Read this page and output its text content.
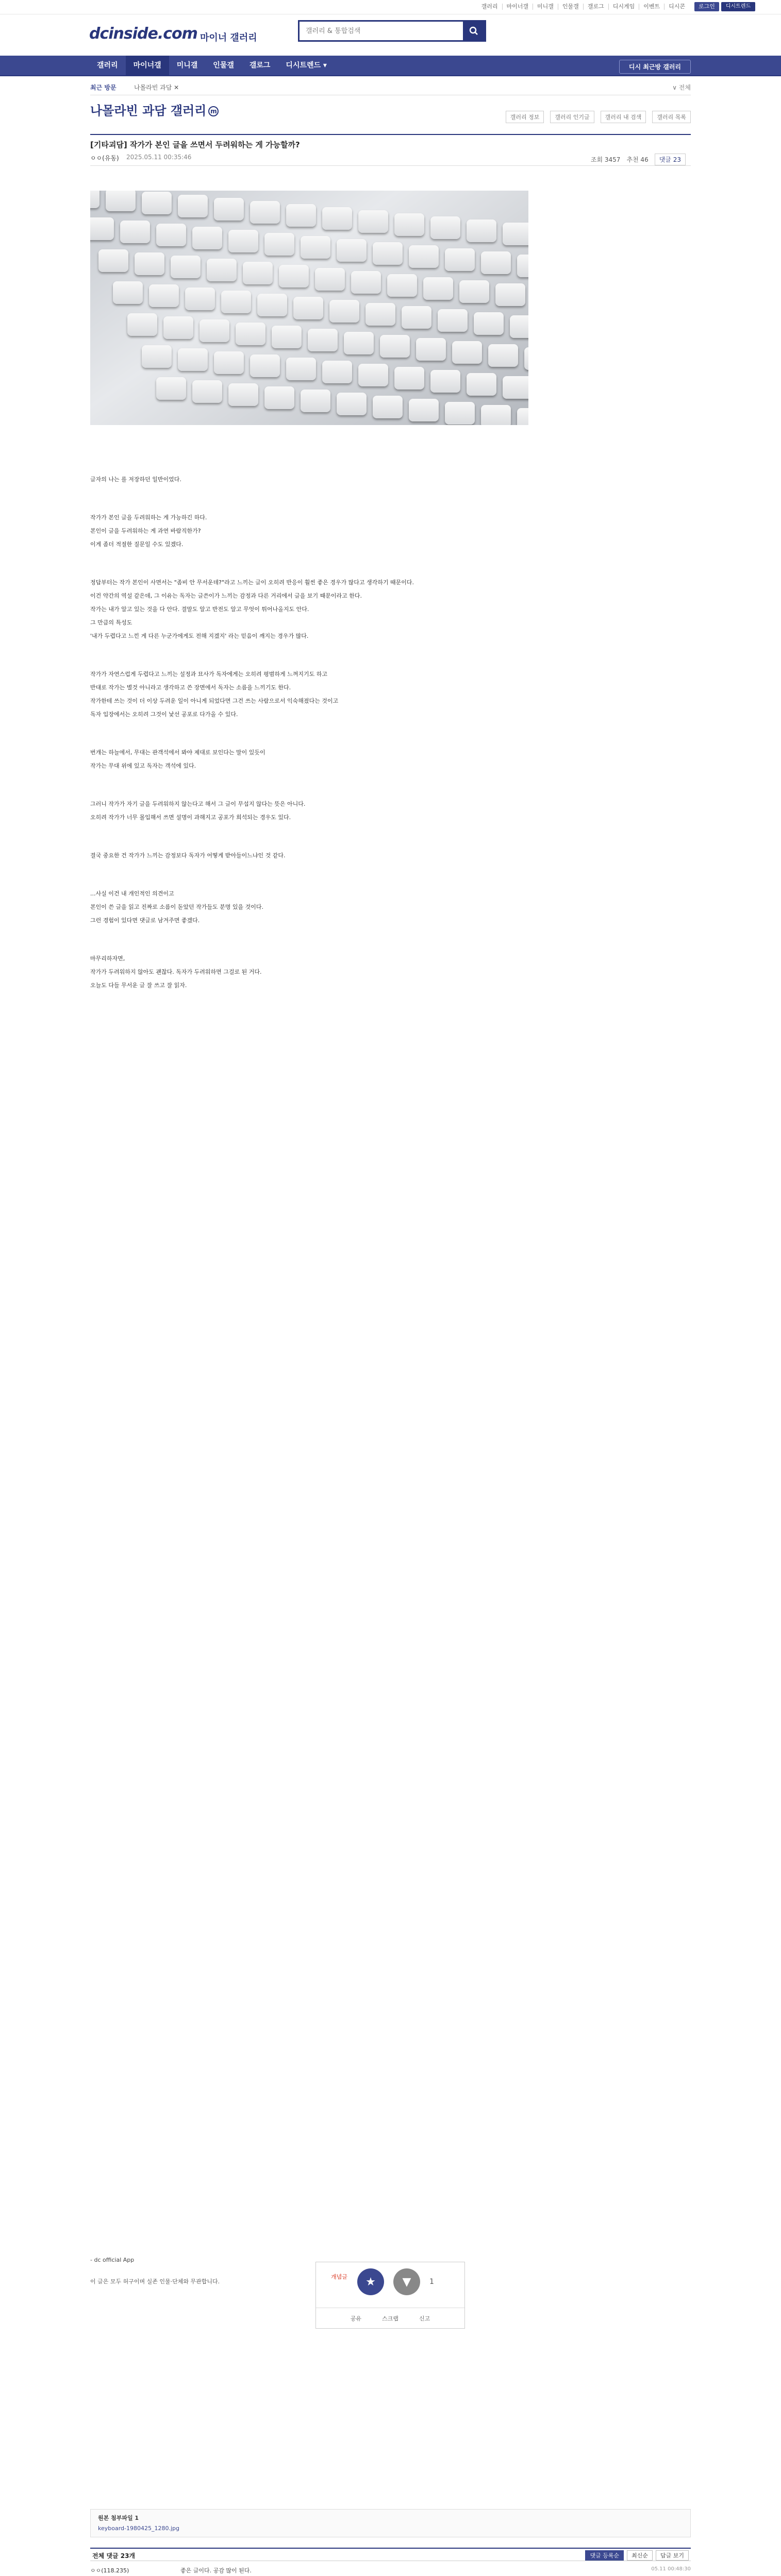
갤러리	마이너갤	미니갤	인물갤	갤로그	디시게임	이벤트	디시콘	로그인	디시트렌드
dcinside.com 마이너 갤러리
갤러리 & 통합검색
갤러리	마이너갤	미니갤	인물갤	갤로그	디시트렌드 ▾	디시 최근방 갤러리
최근 방문	나몰라빈 과담 ✕	∨ 전체
나몰라빈 과담 갤러리 m
갤러리 정보	갤러리 인기글	갤러리 내 검색	갤러리 목록
[기타괴담] 작가가 본인 글을 쓰면서 두려워하는 게 가능할까?
ㅇㅇ(유동) 2025.05.11 00:35:46	조회 3457 추천 46	댓글 23

글자의 나는 를 저장하던 일반이었다.

작가가 본인 글을 두려워하는 게 가능하긴 하다.

본인이 글을 두려워하는 게 과연 바람직한가?

이게 좀더 적절한 질문일 수도 있겠다.

정답부터는 작가 본인이 사면서는 "좀비 안 무서운데?"라고 느끼는 글이 오히려 반응이 훨씬 좋은 경우가 많다고 생각하기 때문이다.

이건 약간의 역설 같은데, 그 이유는 독자는 글쓴이가 느끼는 감정과 다른 거리에서 글을 보기 때문이라고 한다.

작가는 내가 알고 있는 것을 다 안다. 결말도 알고 반전도 알고 무엇이 튀어나올지도 안다.

그 만큼의 특성도

'내가 두렵다고 느낀 게 다른 누군가에게도 전해 지겠지' 라는 믿음이 깨지는 경우가 많다.

작가가 자연스럽게 두렵다고 느끼는 설정과 묘사가 독자에게는 오히려 평범하게 느껴지기도 하고

반대로 작가는 별것 아니라고 생각하고 쓴 장면에서 독자는 소름을 느끼기도 한다.

작가한테 쓰는 것이 더 이상 두려운 일이 아니게 되었다면 그건 쓰는 사람으로서 익숙해졌다는 것이고

독자 입장에서는 오히려 그것이 낯선 공포로 다가올 수 있다.

번개는 하늘에서, 무대는 관객석에서 봐야 제대로 보인다는 말이 있듯이

작가는 무대 위에 있고 독자는 객석에 있다.

그러니 작가가 자기 글을 두려워하지 않는다고 해서 그 글이 무섭지 않다는 뜻은 아니다.

오히려 작가가 너무 몰입해서 쓰면 설명이 과해지고 공포가 희석되는 경우도 있다.

결국 중요한 건 작가가 느끼는 감정보다 독자가 어떻게 받아들이느냐인 것 같다.

...사실 이건 내 개인적인 의견이고

본인이 쓴 글을 읽고 진짜로 소름이 돋았던 작가들도 분명 있을 것이다.

그런 경험이 있다면 댓글로 남겨주면 좋겠다.

마무리하자면,

작가가 두려워하지 않아도 괜찮다. 독자가 두려워하면 그걸로 된 거다.

오늘도 다들 무서운 글 잘 쓰고 잘 읽자.

- dc official App
이 글은 모두 허구이며 실존 인물·단체와 무관합니다.
개념글	★ ▼	1
공유	스크랩	신고
원본 첨부파일 1
keyboard-1980425_1280.jpg
전체 댓글 23개	댓글 등록순	최신순	답글 보기
ㅇㅇ(118.235)	좋은 글이다. 공감 많이 된다.	05.11 00:48:30
